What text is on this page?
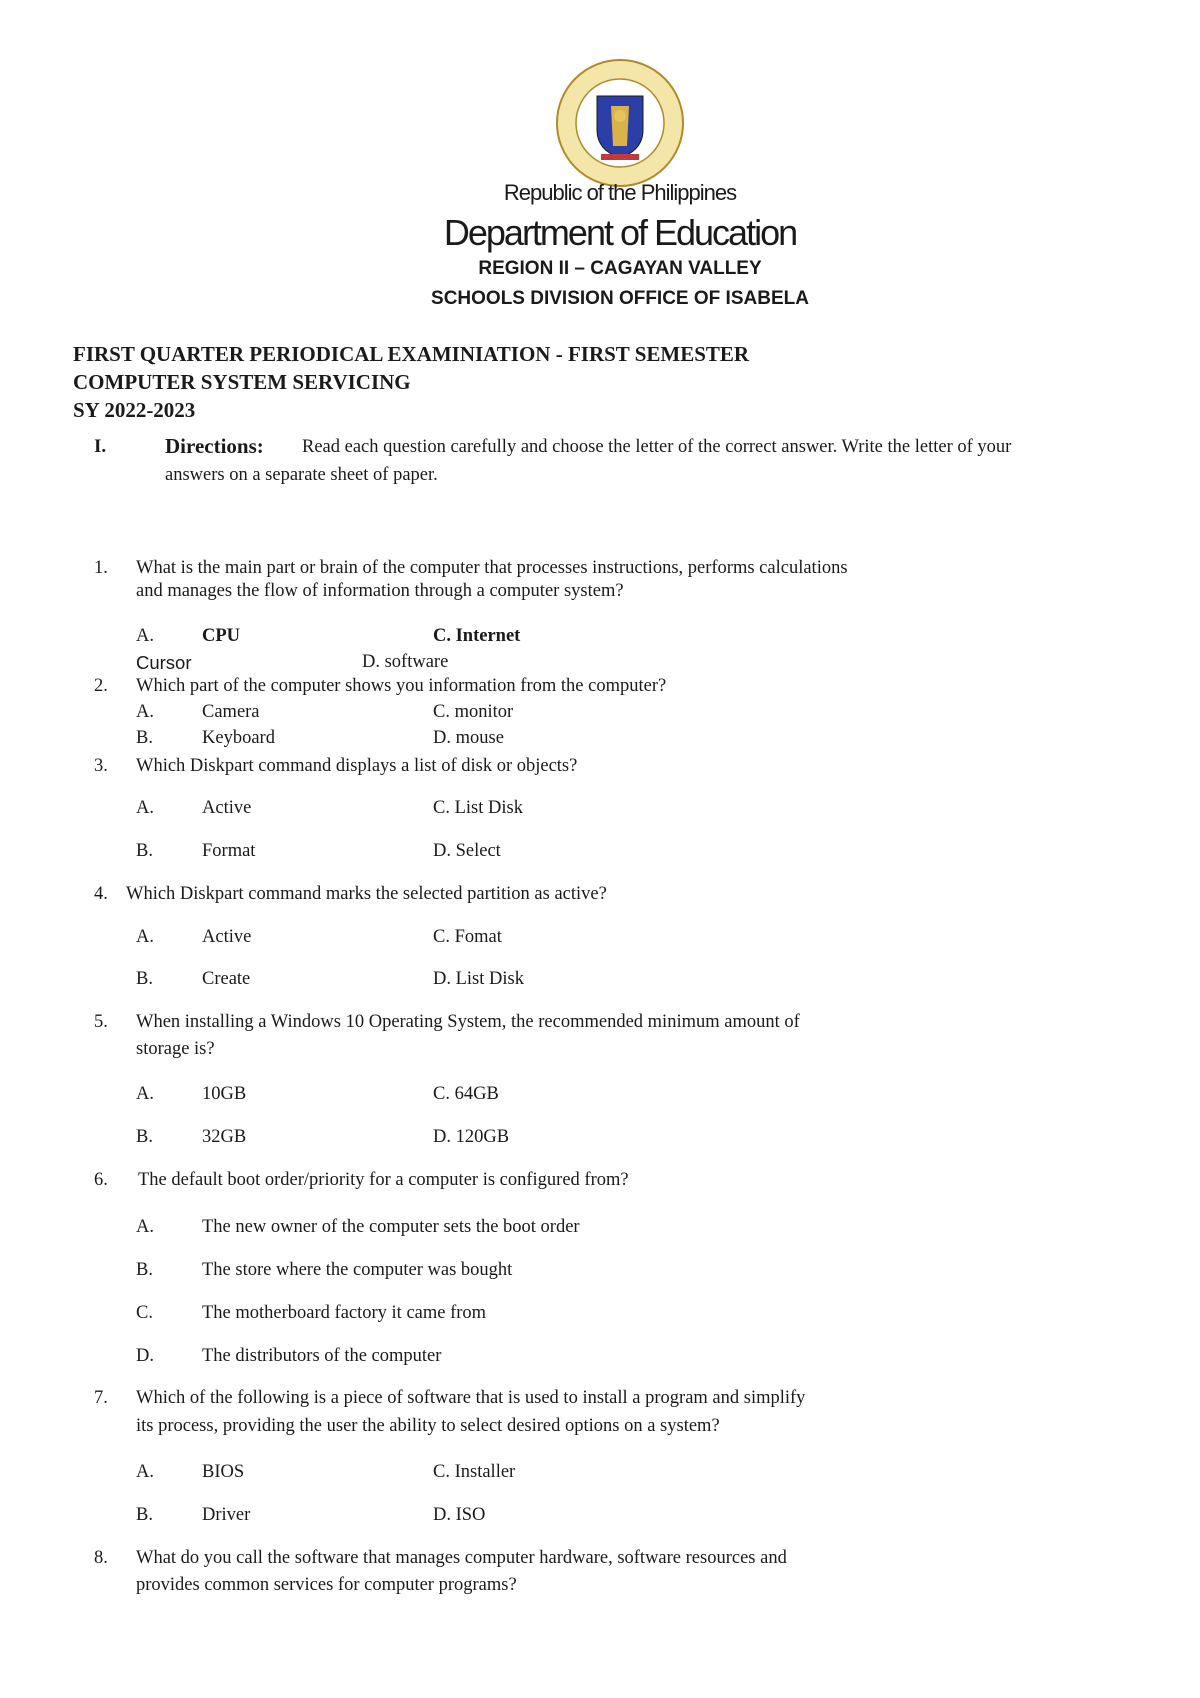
Republic of the Philippines
Department of Education
REGION II – CAGAYAN VALLEY
SCHOOLS DIVISION OFFICE OF ISABELA
FIRST QUARTER PERIODICAL EXAMINIATION - FIRST SEMESTER
COMPUTER SYSTEM SERVICING
SY 2022-2023
I.	Directions: Read each question carefully and choose the letter of the correct answer. Write the letter of your
answers on a separate sheet of paper.
1. What is the main part or brain of the computer that processes instructions, performs calculations
and manages the flow of information through a computer system?
A.	CPU	C. Internet
Cursor	D. software
2. Which part of the computer shows you information from the computer?
A.	Camera	C. monitor
B.	Keyboard	D. mouse
3. Which Diskpart command displays a list of disk or objects?
A.	Active	C. List Disk
B.	Format	D. Select
4. Which Diskpart command marks the selected partition as active?
A.	Active	C. Fomat
B.	Create	D. List Disk
5. When installing a Windows 10 Operating System, the recommended minimum amount of
storage is?
A.	10GB	C. 64GB
B.	32GB	D. 120GB
6. The default boot order/priority for a computer is configured from?
A.	The new owner of the computer sets the boot order
B.	The store where the computer was bought
C.	The motherboard factory it came from
D.	The distributors of the computer
7. Which of the following is a piece of software that is used to install a program and simplify
its process, providing the user the ability to select desired options on a system?
A.	BIOS	C. Installer
B.	Driver	D. ISO
8. What do you call the software that manages computer hardware, software resources and
provides common services for computer programs?
